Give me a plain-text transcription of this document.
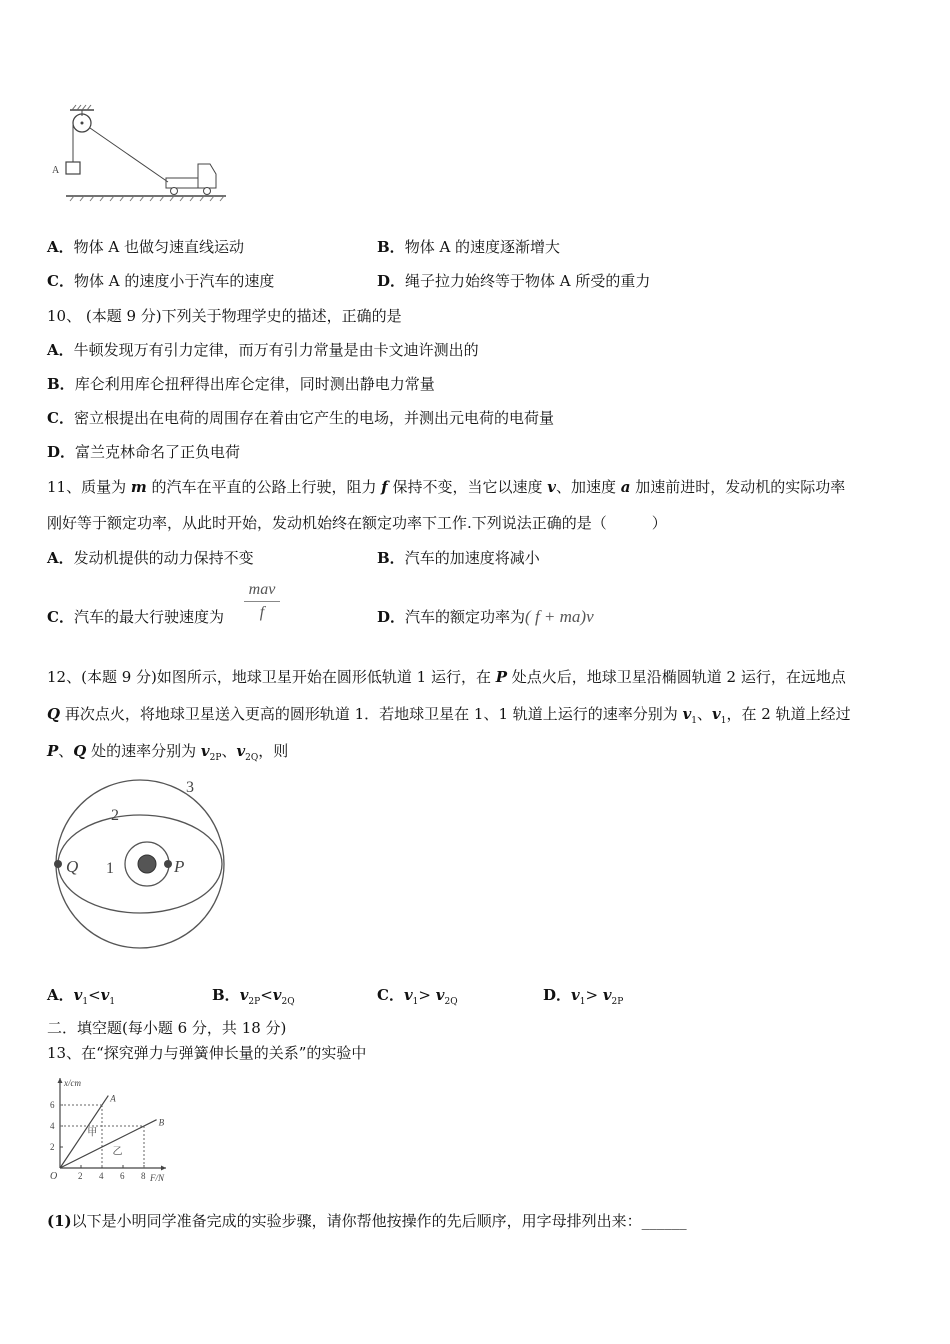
A
A．物体 A 也做匀速直线运动	B．物体 A 的速度逐渐增大
C．物体 A 的速度小于汽车的速度	D．绳子拉力始终等于物体 A 所受的重力
10、 (本题 9 分)下列关于物理学史的描述，正确的是
A．牛顿发现万有引力定律，而万有引力常量是由卡文迪许测出的
B．库仑利用库仑扭秤得出库仑定律，同时测出静电力常量
C．密立根提出在电荷的周围存在着由它产生的电场，并测出元电荷的电荷量
D．富兰克林命名了正负电荷
11、质量为 m 的汽车在平直的公路上行驶，阻力 f 保持不变，当它以速度 v、加速度 a 加速前进时，发动机的实际功率
刚好等于额定功率，从此时开始，发动机始终在额定功率下工作.下列说法正确的是（　　　）
A．发动机提供的动力保持不变	B．汽车的加速度将减小
C．汽车的最大行驶速度为
mav
f	D．汽车的额定功率为( f + ma)v
12、(本题 9 分)如图所示，地球卫星开始在圆形低轨道 1 运行，在 P 处点火后，地球卫星沿椭圆轨道 2 运行，在远地点
Q 再次点火，将地球卫星送入更高的圆形轨道 1．若地球卫星在 1、1 轨道上运行的速率分别为 $v_1$、$v_1$，在 2 轨道上经过
P、Q 处的速率分别为 $v_{2P}$、$v_{2Q}$，则
3
2
1
Q	P
A．$v_1<v_1$	B．$v_{2P}<v_{2Q}$	C．$v_1> v_{2Q}$	D．$v_1> v_{2P}$
二．填空题(每小题 6 分，共 18 分)
13、在“探究弹力与弹簧伸长量的关系”的实验中
x/cm
F/N
O 2 4 6 8
2
4
6
A
B
甲
乙
(1)以下是小明同学准备完成的实验步骤，请你帮他按操作的先后顺序，用字母排列出来：______
